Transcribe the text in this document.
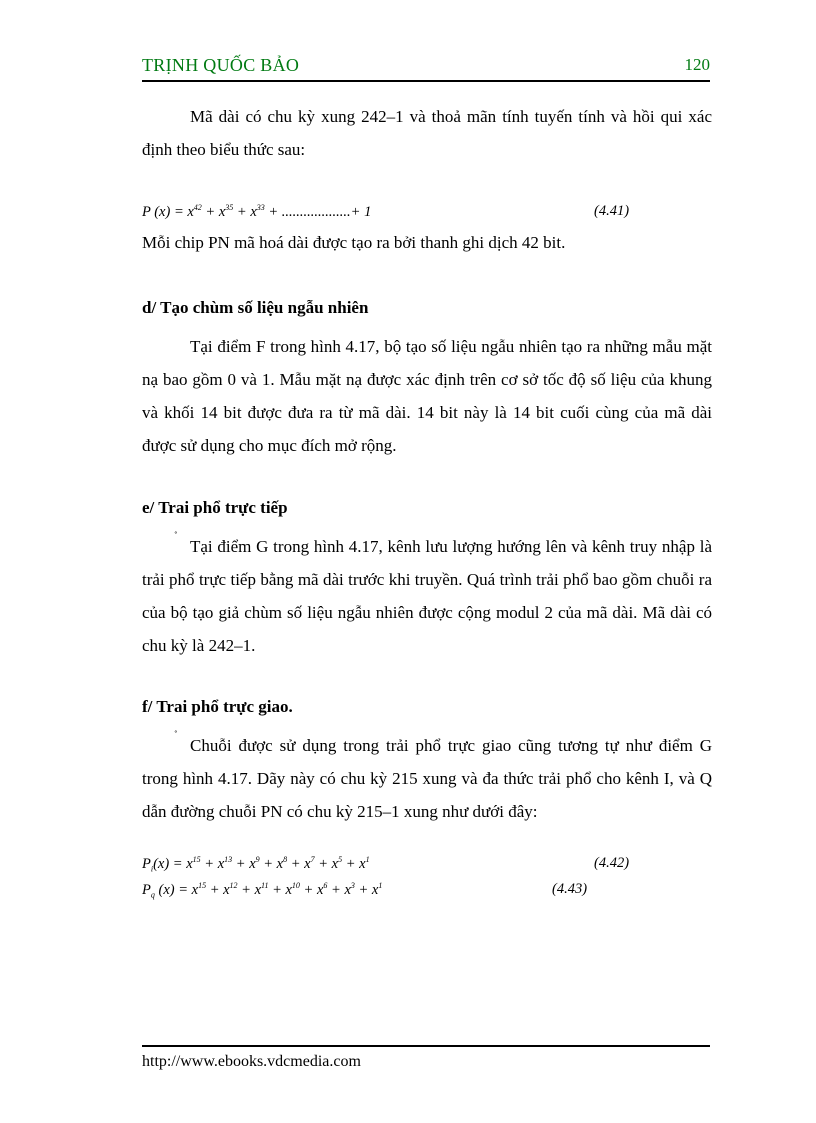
TRỊNH QUỐC BẢO	120
Mã dài có chu kỳ xung 242–1 và thoả mãn tính tuyến tính và hồi qui xác định theo biểu thức sau:
P $(x) = x^{42} + x^{35} + x^{33}$ + ...................+ 1	(4.41)
Mỗi chip PN mã hoá dài được tạo ra bởi thanh ghi dịch 42 bit.
d/ Tạo chùm số liệu ngẫu nhiên
Tại điểm F trong hình 4.17, bộ tạo số liệu ngẫu nhiên tạo ra những mẫu mặt nạ bao gồm 0 và 1. Mẫu mặt nạ được xác định trên cơ sở tốc độ số liệu của khung và khối 14 bit được đưa ra từ mã dài. 14 bit này là 14 bit cuối cùng của mã dài được sử dụng cho mục đích mở rộng.
e/ Trai phổ trực tiếp
˚
Tại điểm G trong hình 4.17, kênh lưu lượng hướng lên và kênh truy nhập là trải phổ trực tiếp bằng mã dài trước khi truyền. Quá trình trải phổ bao gồm chuỗi ra của bộ tạo giả chùm số liệu ngẫu nhiên được cộng modul 2 của mã dài. Mã dài có chu kỳ là 242–1.
f/ Trai phổ trực giao.
˚
Chuỗi được sử dụng trong trải phổ trực giao cũng tương tự như điểm G trong hình 4.17. Dãy này có chu kỳ 215 xung và đa thức trải phổ cho kênh I, và Q dẫn đường chuỗi PN có chu kỳ 215–1 xung như dưới đây:
$P_i(x) = x^{15} + x^{13} + x^9 + x^8 + x^7 + x^5 + x^1$	(4.42)
$P_q$ $(x) = x^{15} + x^{12} + x^{11} + x^{10} + x^6 + x^3 + x^1$	(4.43)
http://www.ebooks.vdcmedia.com
